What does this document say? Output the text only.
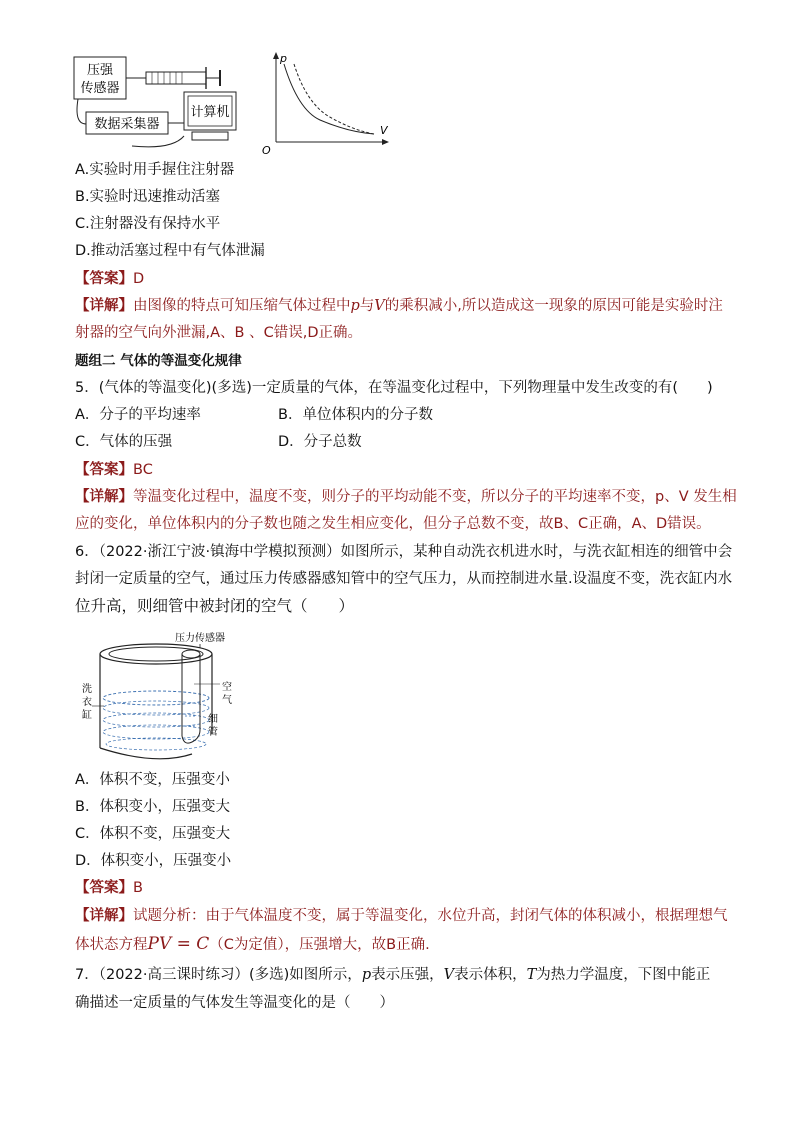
压强
传感器
数据采集器
计算机
p
V
O
A.实验时用手握住注射器
B.实验时迅速推动活塞
C.注射器没有保持水平
D.推动活塞过程中有气体泄漏
【答案】D
【详解】由图像的特点可知压缩气体过程中p与V的乘积减小,所以造成这一现象的原因可能是实验时注
射器的空气向外泄漏,A、B 、C错误,D正确。
题组二 气体的等温变化规律
5．(气体的等温变化)(多选)一定质量的气体，在等温变化过程中，下列物理量中发生改变的有(　　)
A．分子的平均速率	B．单位体积内的分子数
C．气体的压强	D．分子总数
【答案】BC
【详解】等温变化过程中，温度不变，则分子的平均动能不变，所以分子的平均速率不变，p、V 发生相
应的变化，单位体积内的分子数也随之发生相应变化，但分子总数不变，故B、C正确，A、D错误。
6．（2022·浙江宁波·镇海中学模拟预测）如图所示，某种自动洗衣机进水时，与洗衣缸相连的细管中会
封闭一定质量的空气，通过压力传感器感知管中的空气压力，从而控制进水量.设温度不变，洗衣缸内水
位升高，则细管中被封闭的空气（　　）
压力传感器
洗
衣
缸
空
气
细
管
A．体积不变，压强变小
B．体积变小，压强变大
C．体积不变，压强变大
D．体积变小，压强变小
【答案】B
【详解】试题分析：由于气体温度不变，属于等温变化，水位升高，封闭气体的体积减小，根据理想气
体状态方程PV = C（C为定值），压强增大，故B正确.
7．（2022·高三课时练习）(多选)如图所示，p表示压强，V表示体积，T为热力学温度，下图中能正
确描述一定质量的气体发生等温变化的是（　　）
